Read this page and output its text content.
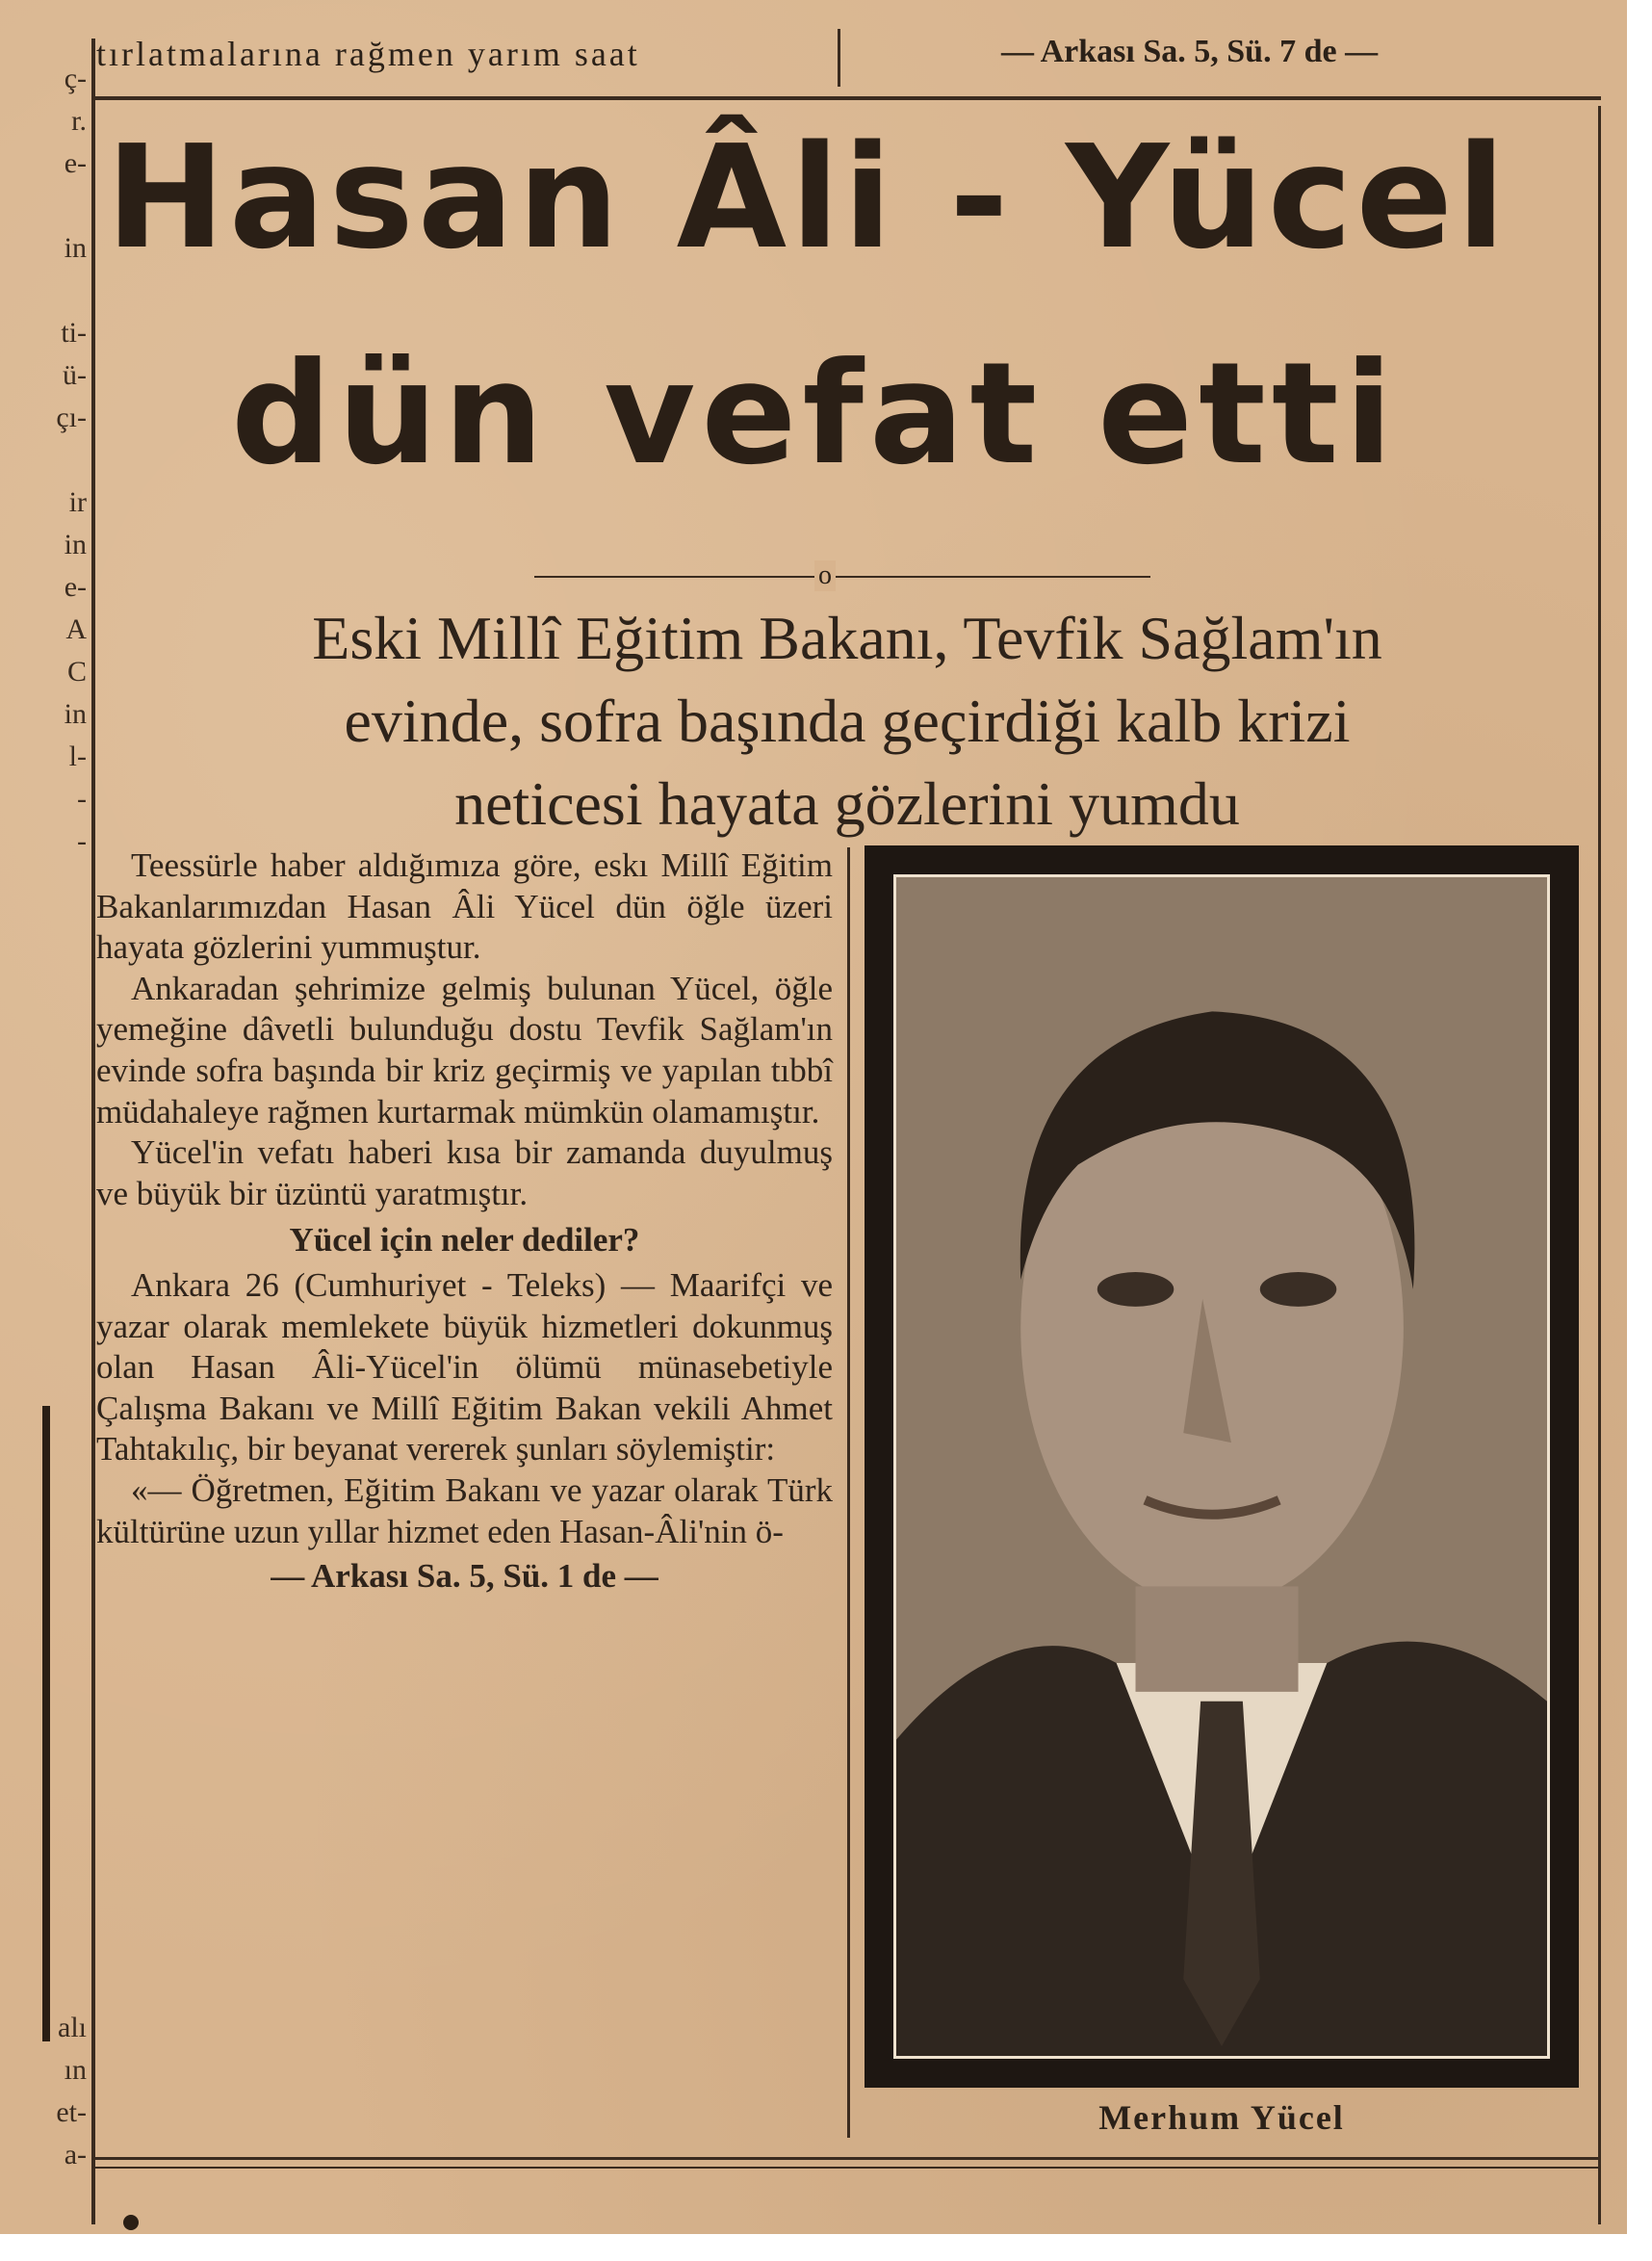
ç-
r.
e-
in
ti-
ü-
çı-
ir
in
e-
A
C
in
l-
-
-
alı
ın
et-
a-
tırlatmalarına rağmen yarım saat	— Arkası Sa. 5, Sü. 7 de —
Hasan Âli - Yücel
dün vefat etti
o
Eski Millî Eğitim Bakanı, Tevfik Sağlam'ın
evinde, sofra başında geçirdiği kalb krizi
neticesi hayata gözlerini yumdu

Teessürle haber aldığımıza göre, eskı Millî Eğitim Bakanlarımızdan Hasan Âli Yücel dün öğle üzeri hayata gözlerini yummuştur.

Ankaradan şehrimize gelmiş bulunan Yücel, öğle yemeğine dâvetli bulunduğu dostu Tevfik Sağlam'ın evinde sofra başında bir kriz geçirmiş ve yapılan tıbbî müdahaleye rağmen kurtarmak mümkün olamamıştır.

Yücel'in vefatı haberi kısa bir zamanda duyulmuş ve büyük bir üzüntü yaratmıştır.

Yücel için neler dediler?

Ankara 26 (Cumhuriyet - Teleks) — Maarifçi ve yazar olarak memlekete büyük hizmetleri dokunmuş olan Hasan Âli-Yücel'in ölümü münasebetiyle Çalışma Bakanı ve Millî Eğitim Bakan vekili Ahmet Tahtakılıç, bir beyanat vererek şunları söylemiştir:

«— Öğretmen, Eğitim Bakanı ve yazar olarak Türk kültürüne uzun yıllar hizmet eden Hasan-Âli'nin ö-

— Arkası Sa. 5, Sü. 1 de —

Merhum Yücel
